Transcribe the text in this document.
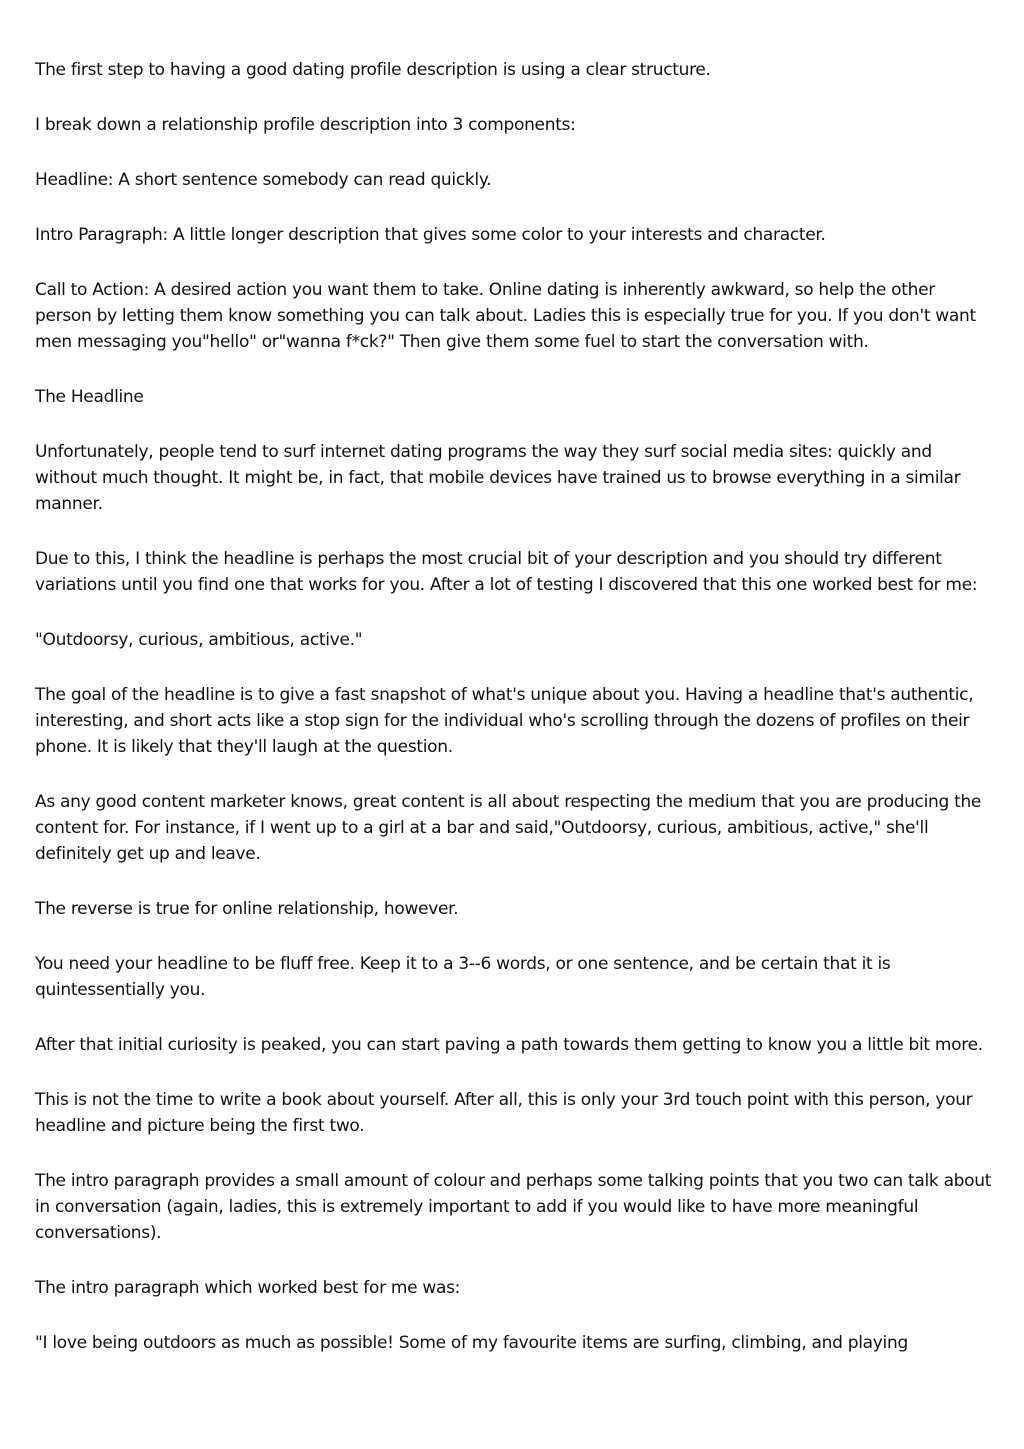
The first step to having a good dating profile description is using a clear structure.

I break down a relationship profile description into 3 components:

Headline: A short sentence somebody can read quickly.

Intro Paragraph: A little longer description that gives some color to your interests and character.

Call to Action: A desired action you want them to take. Online dating is inherently awkward, so help the other person by letting them know something you can talk about. Ladies this is especially true for you. If you don't want men messaging you"hello" or"wanna f*ck?" Then give them some fuel to start the conversation with.

The Headline

Unfortunately, people tend to surf internet dating programs the way they surf social media sites: quickly and without much thought. It might be, in fact, that mobile devices have trained us to browse everything in a similar manner.

Due to this, I think the headline is perhaps the most crucial bit of your description and you should try different variations until you find one that works for you. After a lot of testing I discovered that this one worked best for me:

"Outdoorsy, curious, ambitious, active."

The goal of the headline is to give a fast snapshot of what's unique about you. Having a headline that's authentic, interesting, and short acts like a stop sign for the individual who's scrolling through the dozens of profiles on their phone. It is likely that they'll laugh at the question.

As any good content marketer knows, great content is all about respecting the medium that you are producing the content for. For instance, if I went up to a girl at a bar and said,"Outdoorsy, curious, ambitious, active," she'll definitely get up and leave.

The reverse is true for online relationship, however.

You need your headline to be fluff free. Keep it to a 3--6 words, or one sentence, and be certain that it is quintessentially you.

After that initial curiosity is peaked, you can start paving a path towards them getting to know you a little bit more.

This is not the time to write a book about yourself. After all, this is only your 3rd touch point with this person, your headline and picture being the first two.

The intro paragraph provides a small amount of colour and perhaps some talking points that you two can talk about in conversation (again, ladies, this is extremely important to add if you would like to have more meaningful conversations).

The intro paragraph which worked best for me was:

"I love being outdoors as much as possible! Some of my favourite items are surfing, climbing, and playing
